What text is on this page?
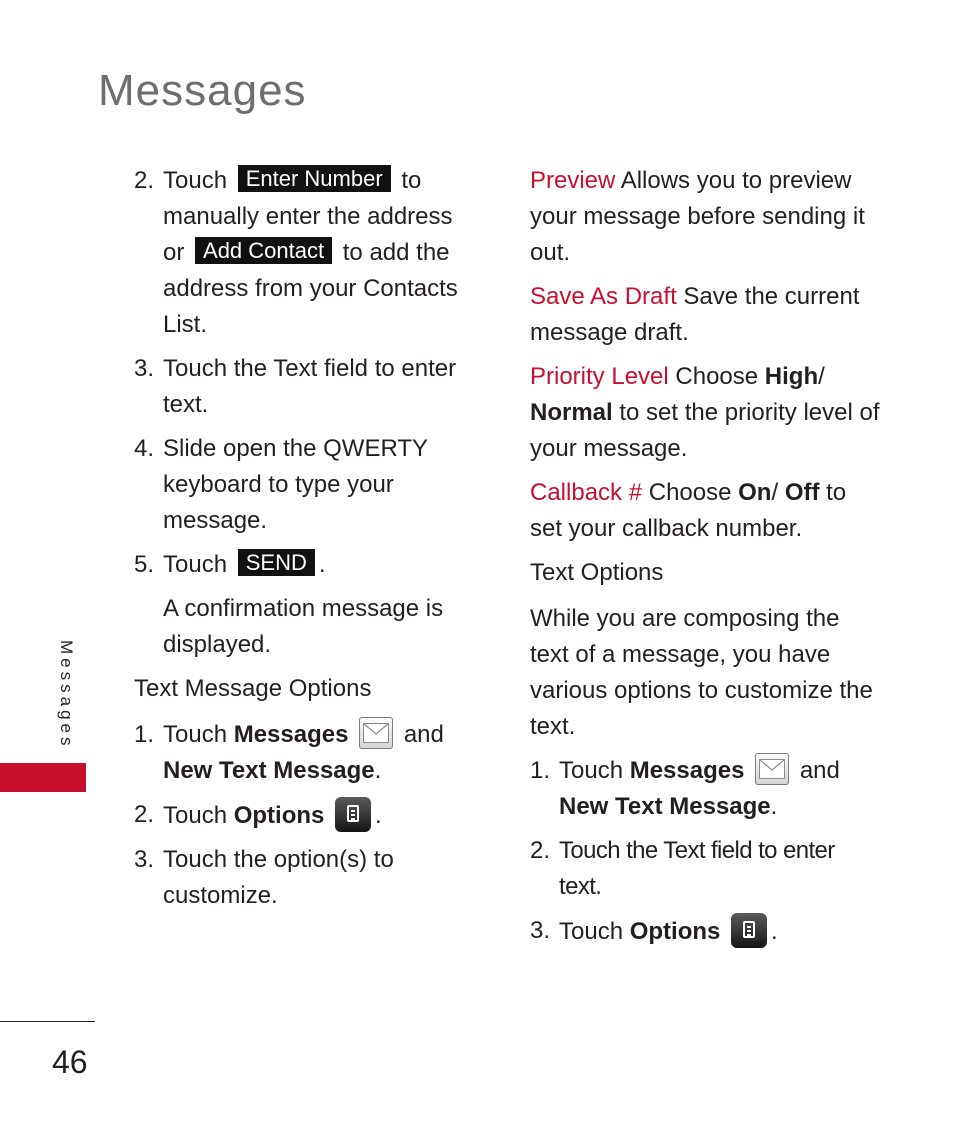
Messages
2. Touch Enter Number to manually enter the address or Add Contact to add the address from your Contacts List.
3. Touch the Text field to enter text.
4. Slide open the QWERTY keyboard to type your message.
5. Touch SEND .

A confirmation message is displayed.

Text Message Options

1. Touch Messages and
New Text Message.
2. Touch Options .
3. Touch the option(s) to customize.

Preview Allows you to preview your message before sending it out.

Save As Draft Save the current message draft.

Priority Level Choose High/ Normal to set the priority level of your message.

Callback # Choose On/ Off to set your callback number.

Text Options

While you are composing the text of a message, you have various options to customize the text.

1. Touch Messages and
New Text Message.
2. Touch the Text field to enter text.
3. Touch Options .
Messages
46
